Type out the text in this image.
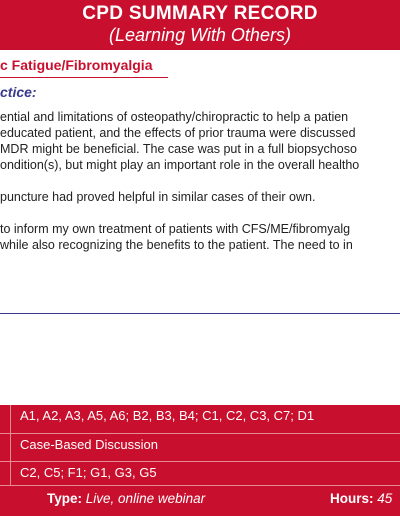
CPD SUMMARY RECORD
(Learning With Others)
c Fatigue/Fibromyalgia
ctice:
ential and limitations of osteopathy/chiropractic to help a patien
educated patient, and the effects of prior trauma were discussed
MDR might be beneficial. The case was put in a full biopsychoso
ondition(s), but might play an important role in the overall healtho
puncture had proved helpful in similar cases of their own.
to inform my own treatment of patients with CFS/ME/fibromyalg
while also recognizing the benefits to the patient. The need to in
A1, A2, A3, A5, A6; B2, B3, B4; C1, C2, C3, C7; D1
Case-Based Discussion
C2, C5; F1; G1, G3, G5
Type: Live, online webinar	Hours: 45
